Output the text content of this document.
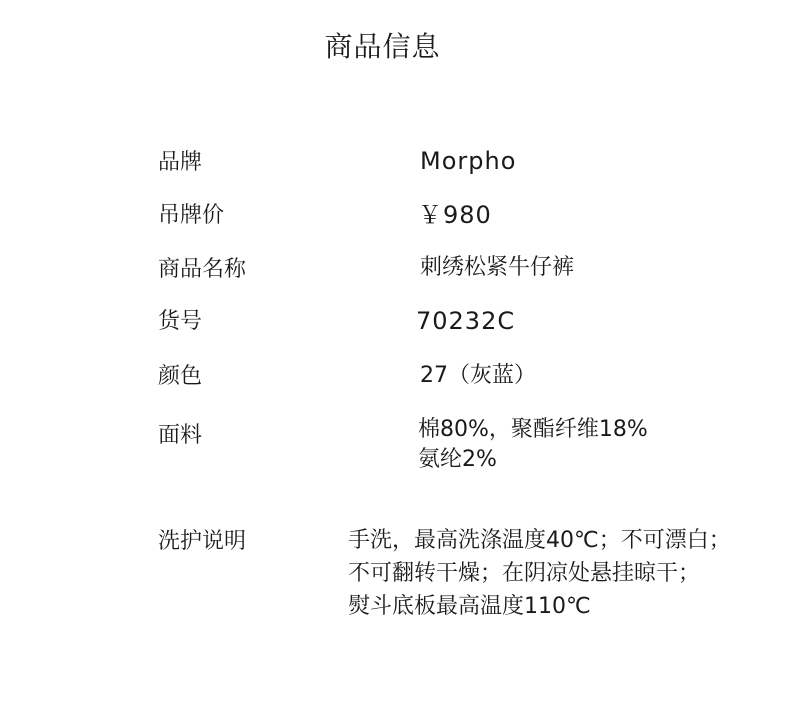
商品信息
品牌	Morpho
吊牌价	￥980
商品名称	刺绣松紧牛仔裤
货号	70232C
颜色	27（灰蓝）
面料	棉80%，聚酯纤维18%
氨纶2%
洗护说明	手洗，最高洗涤温度40℃；不可漂白；
不可翻转干燥；在阴凉处悬挂晾干；
熨斗底板最高温度110℃
